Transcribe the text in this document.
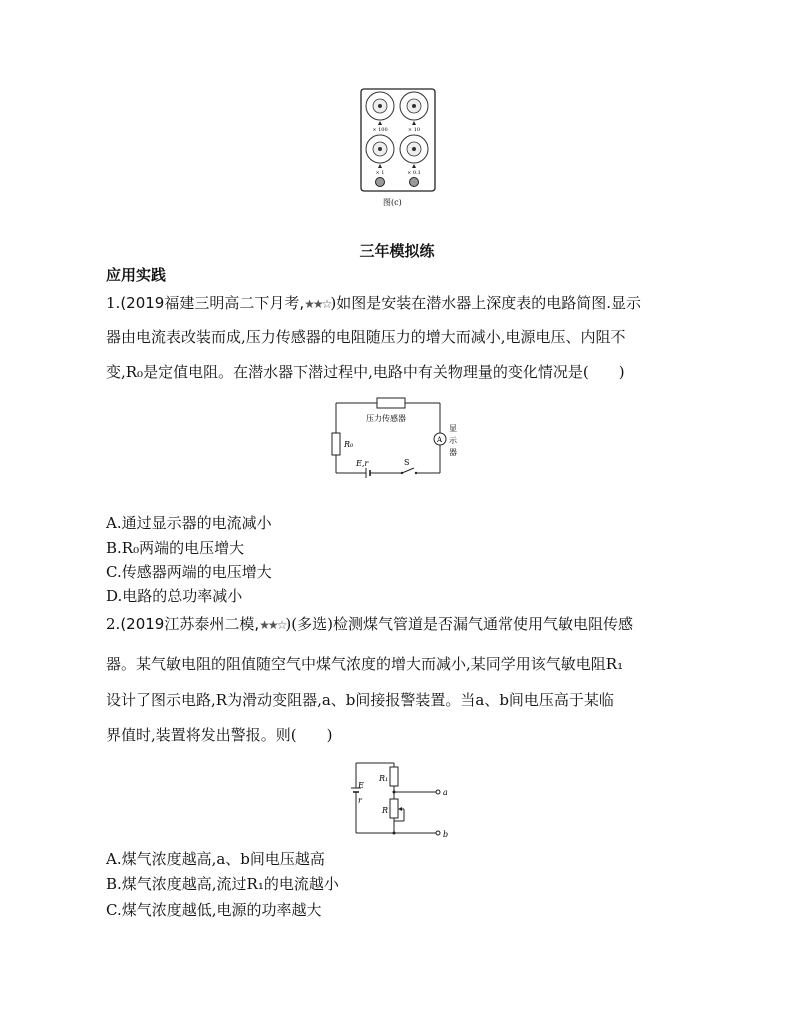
× 100	× 10
× 1	× 0.1
图(c)
三年模拟练
应用实践
1.(2019福建三明高二下月考,★★☆)如图是安装在潜水器上深度表的电路简图.显示
器由电流表改装而成,压力传感器的电阻随压力的增大而减小,电源电压、内阻不
变,R₀是定值电阻。在潜水器下潜过程中,电路中有关物理量的变化情况是(　　)
压力传感器
R₀
E,r	S
A
显
示
器
A.通过显示器的电流减小
B.R₀两端的电压增大
C.传感器两端的电压增大
D.电路的总功率减小
2.(2019江苏泰州二模,★★☆)(多选)检测煤气管道是否漏气通常使用气敏电阻传感
器。某气敏电阻的阻值随空气中煤气浓度的增大而减小,某同学用该气敏电阻R₁
设计了图示电路,R为滑动变阻器,a、b间接报警装置。当a、b间电压高于某临
界值时,装置将发出警报。则(　　)
E
r
R₁
R
a
b
A.煤气浓度越高,a、b间电压越高
B.煤气浓度越高,流过R₁的电流越小
C.煤气浓度越低,电源的功率越大
